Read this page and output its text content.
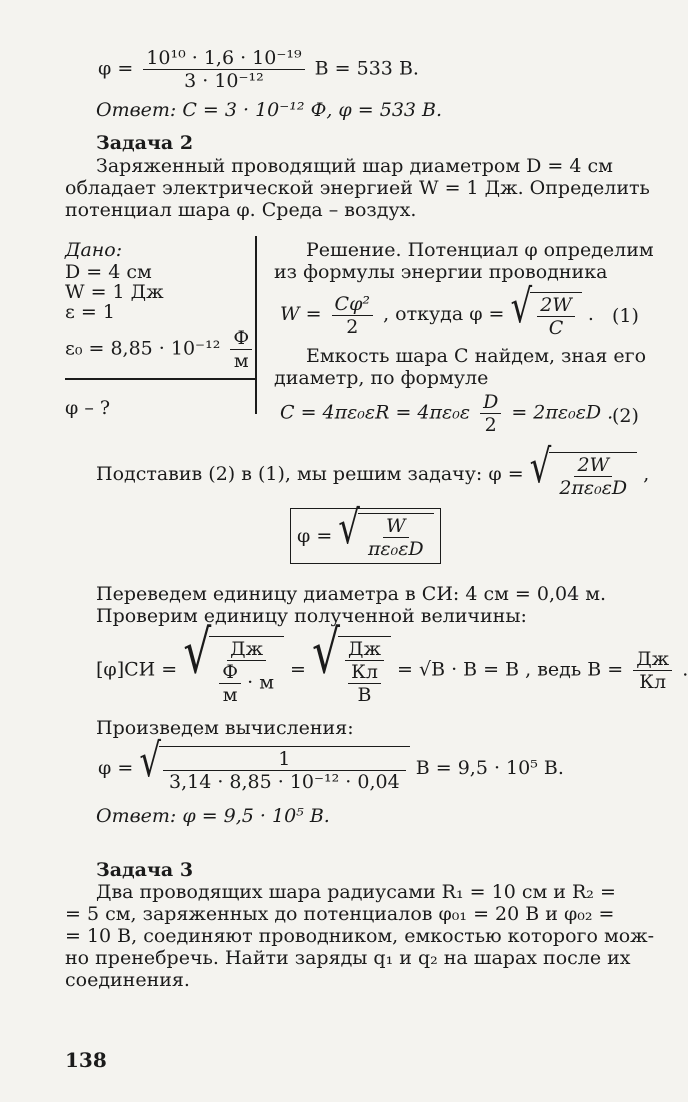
$\varphi = \frac{\text{10¹⁰ · 1,6 · 10⁻¹⁹}}{\text{3 · 10⁻¹²}}$ В = 533 В.
Ответ: C = 3 · 10⁻¹² Ф, φ = 533 В.
Задача 2
Заряженный проводящий шар диаметром D = 4 см
обладает электрической энергией W = 1 Дж. Определить
потенциал шара φ. Среда – воздух.
Дано:
D = 4 см
W = 1 Дж
ε = 1
$\varepsilon_0 = 8,85 \cdot 10^{-12} \frac{Ф}{м}$
φ – ?
Решение. Потенциал φ определим
из формулы энергии проводника
$W = \frac{\text{Cφ²}}{2}$ , откуда φ = √ $\frac{2W}{C}$ . (1)
Емкость шара C найдем, зная его
диаметр, по формуле
$C = 4\pi\varepsilon_0\varepsilon R = 4\pi\varepsilon_0\varepsilon \frac{D}{2} = 2\pi\varepsilon_0\varepsilon D$ .
(2)
Подставив (2) в (1), мы решим задачу: φ = √ $\frac{2W}{\text{2πε₀εD}}$ ,
φ = √ $\frac{W}{\text{πε₀εD}}$
Переведем единицу диаметра в СИ: 4 см = 0,04 м.
Проверим единицу полученной величины:
[φ]СИ = √ $\frac{Дж}{\frac{Ф}{м} \cdot м}$ = √ $\frac{Дж}{\frac{Кл}{В}} = √В \cdot В = В$ , ведь $В = \frac{Дж}{Кл}$ .
Произведем вычисления:
φ = √ $\frac{1}{\text{3,14 · 8,85 · 10⁻¹² · 0,04}}$ В = 9,5 · 10⁵ В.
Ответ: φ = 9,5 · 10⁵ В.
Задача 3
Два проводящих шара радиусами R₁ = 10 см и R₂ =
= 5 см, заряженных до потенциалов φ₀₁ = 20 В и φ₀₂ =
= 10 В, соединяют проводником, емкостью которого мож-
но пренебречь. Найти заряды q₁ и q₂ на шарах после их
соединения.
138
